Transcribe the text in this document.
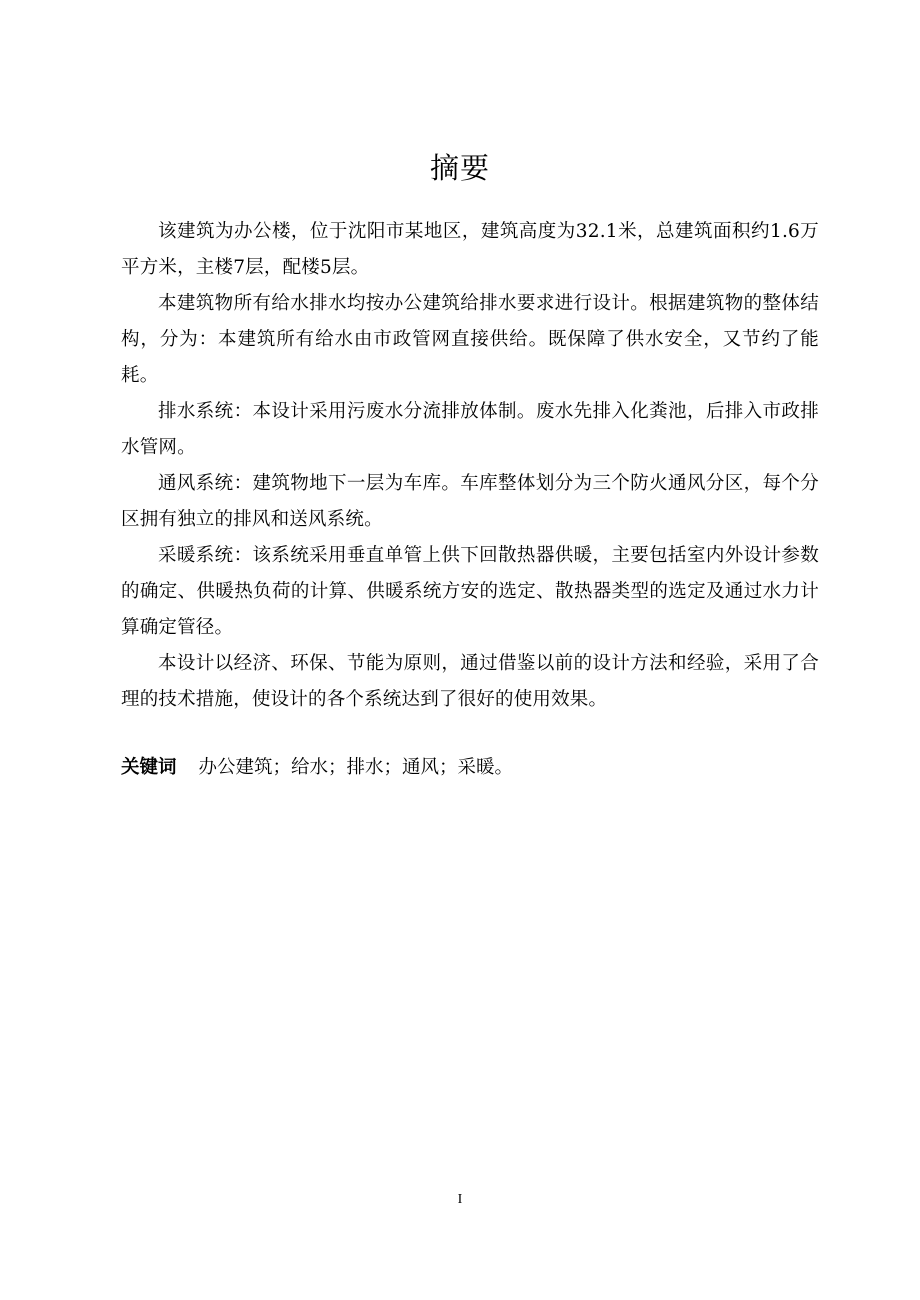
摘要

该建筑为办公楼，位于沈阳市某地区，建筑高度为32.1米，总建筑面积约1.6万平方米，主楼7层，配楼5层。

本建筑物所有给水排水均按办公建筑给排水要求进行设计。根据建筑物的整体结构，分为：本建筑所有给水由市政管网直接供给。既保障了供水安全，又节约了能耗。

排水系统：本设计采用污废水分流排放体制。废水先排入化粪池，后排入市政排水管网。

通风系统：建筑物地下一层为车库。车库整体划分为三个防火通风分区，每个分区拥有独立的排风和送风系统。

采暖系统：该系统采用垂直单管上供下回散热器供暖，主要包括室内外设计参数的确定、供暖热负荷的计算、供暖系统方安的选定、散热器类型的选定及通过水力计算确定管径。

本设计以经济、环保、节能为原则，通过借鉴以前的设计方法和经验，采用了合理的技术措施，使设计的各个系统达到了很好的使用效果。

关键词 办公建筑；给水；排水；通风；采暖。

I
